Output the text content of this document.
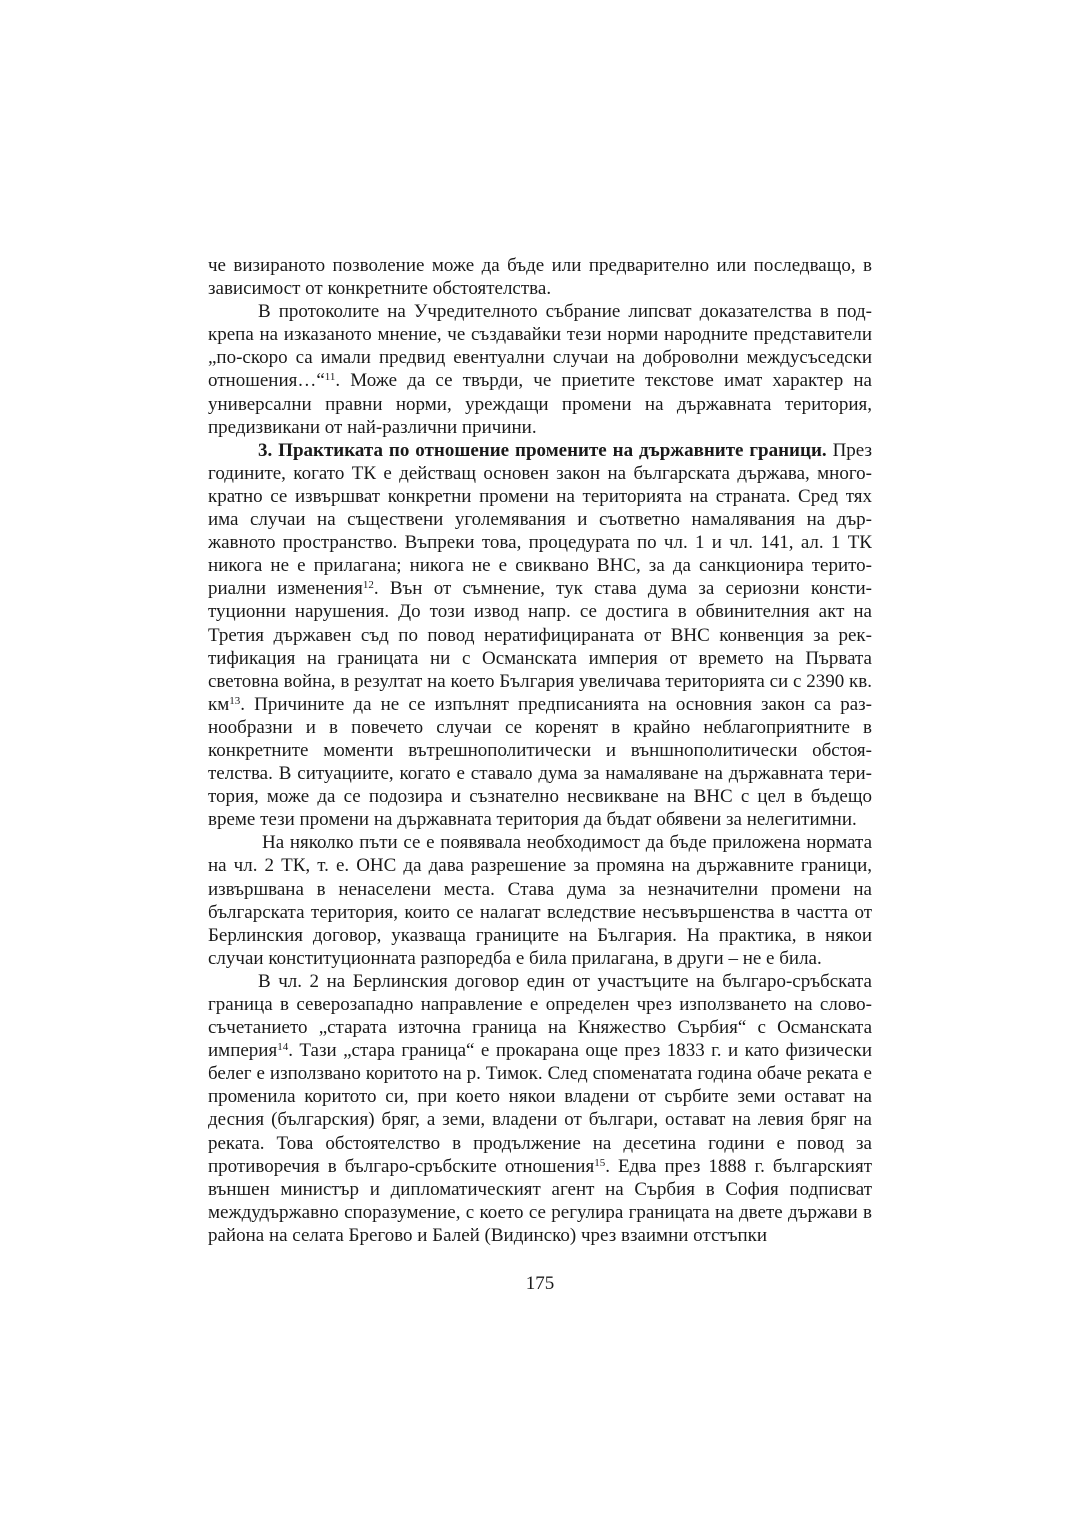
че визираното позволение може да бъде или предварително или последващо, в зависимост от конкретните обстоятелства.

В протоколите на Учредителното събрание липсват доказателства в подкрепа на изказаното мнение, че създавайки тези норми народните представители „по-скоро са имали предвид евентуални случаи на доброволни междусъседски отношения…“$^{11}$. Може да се твърди, че приетите текстове имат характер на универсални правни норми, уреждащи промени на държавната територия, предизвикани от най-различни причини.

3. Практиката по отношение промените на държавните граници. През годините, когато ТК е действащ основен закон на българската държава, многократно се извършват конкретни промени на територията на страната. Сред тях има случаи на съществени уголемявания и съответно намалявания на държавното пространство. Въпреки това, процедурата по чл. 1 и чл. 141, ал. 1 ТК никога не е прилагана; никога не е свиквано ВНС, за да санкционира териториални изменения$^{12}$. Вън от съмнение, тук става дума за сериозни конституционни нарушения. До този извод напр. се достига в обвинителния акт на Третия държавен съд по повод нератифицираната от ВНС конвенция за ректификация на границата ни с Османската империя от времето на Първата световна война, в резултат на което България увеличава територията си с 2390 кв. $км^{13}$. Причините да не се изпълнят предписанията на основния закон са разнообразни и в повечето случаи се коренят в крайно неблагоприятните в конкретните моменти вътрешнополитически и външнополитически обстоятелства. В ситуациите, когато е ставало дума за намаляване на държавната територия, може да се подозира и съзнателно несвикване на ВНС с цел в бъдещо време тези промени на държавната територия да бъдат обявени за нелeгитимни.

На няколко пъти се е появявала необходимост да бъде приложена нормата на чл. 2 ТК, т. е. ОНС да дава разрешение за промяна на държавните граници, извършвана в ненаселени места. Става дума за незначителни промени на българската територия, които се налагат вследствие несъвършенства в частта от Берлинския договор, указваща границите на България. На практика, в някои случаи конституционната разпоредба е била прилагана, в други – не е била.

В чл. 2 на Берлинския договор един от участъците на българо-сръбската граница в северозападно направление е определен чрез използването на словосъчетанието „старата източна граница на Княжество Сърбия“ с Османската империя$^{14}$. Тази „стара граница“ е прокарана още през 1833 г. и като физически белег е използвано коритото на р. Тимок. След споменатата година обаче реката е променила коритото си, при което някои владени от сърбите земи остават на десния (българския) бряг, а земи, владени от българи, остават на левия бряг на реката. Това обстоятелство в продължение на десетина години е повод за противоречия в българо-сръбските отношения$^{15}$. Едва през 1888 г. българският външен министър и дипломатическият агент на Сърбия в София подписват междудържавно споразумение, с което се регулира границата на двете държави в района на селата Брегово и Балей (Видинско) чрез взаимни отстъпки

175
